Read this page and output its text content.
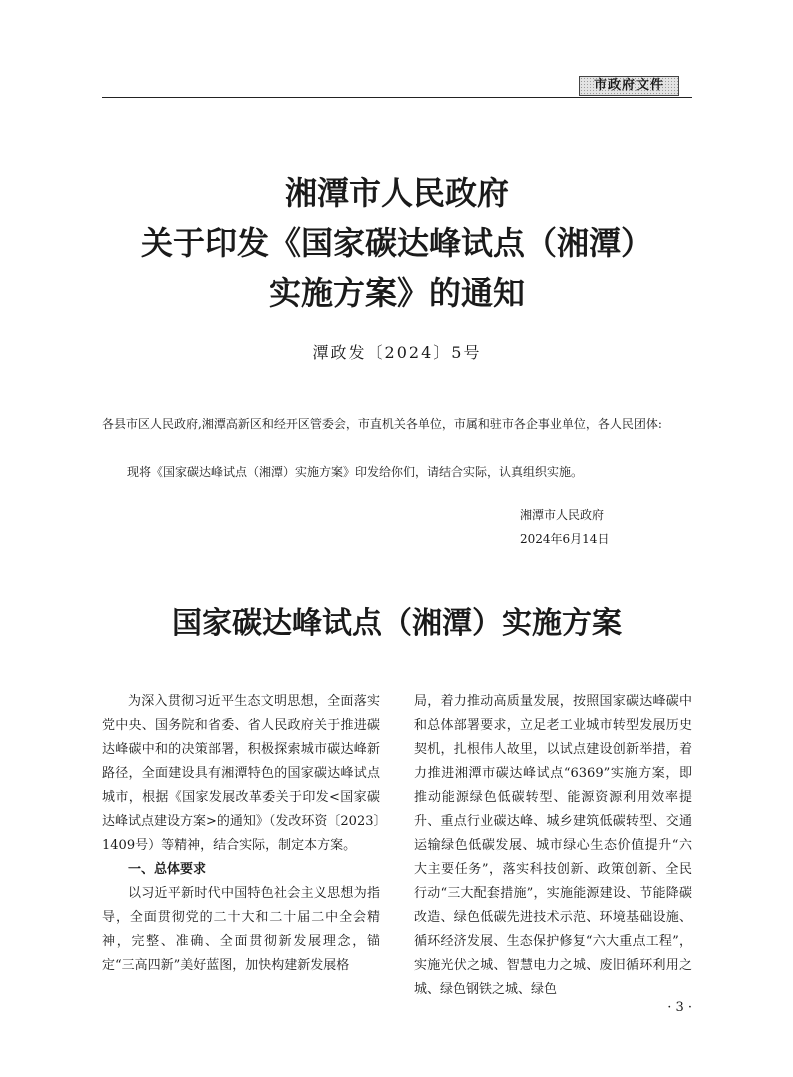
市政府文件
湘潭市人民政府
关于印发《国家碳达峰试点（湘潭）
实施方案》的通知
潭政发〔2024〕5号
各县市区人民政府,湘潭高新区和经开区管委会，市直机关各单位，市属和驻市各企事业单位，各人民团体:
现将《国家碳达峰试点（湘潭）实施方案》印发给你们，请结合实际，认真组织实施。
湘潭市人民政府
2024年6月14日
国家碳达峰试点（湘潭）实施方案

为深入贯彻习近平生态文明思想，全面落实党中央、国务院和省委、省人民政府关于推进碳达峰碳中和的决策部署，积极探索城市碳达峰新路径，全面建设具有湘潭特色的国家碳达峰试点城市，根据《国家发展改革委关于印发<国家碳达峰试点建设方案>的通知》（发改环资〔2023〕1409号）等精神，结合实际，制定本方案。

一、总体要求

以习近平新时代中国特色社会主义思想为指导，全面贯彻党的二十大和二十届二中全会精神，完整、准确、全面贯彻新发展理念，锚定“三高四新”美好蓝图，加快构建新发展格

局，着力推动高质量发展，按照国家碳达峰碳中和总体部署要求，立足老工业城市转型发展历史契机，扎根伟人故里，以试点建设创新举措，着力推进湘潭市碳达峰试点“6369”实施方案，即推动能源绿色低碳转型、能源资源利用效率提升、重点行业碳达峰、城乡建筑低碳转型、交通运输绿色低碳发展、城市绿心生态价值提升“六大主要任务”，落实科技创新、政策创新、全民行动“三大配套措施”，实施能源建设、节能降碳改造、绿色低碳先进技术示范、环境基础设施、循环经济发展、生态保护修复“六大重点工程”，实施光伏之城、智慧电力之城、废旧循环利用之城、绿色钢铁之城、绿色

· 3 ·
